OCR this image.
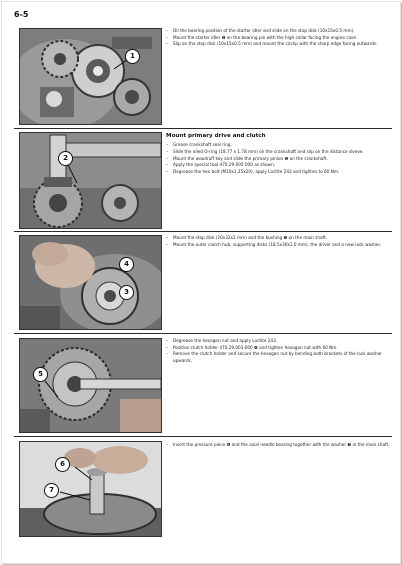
6-5
1
– Oil the bearing position of the starter idler and slide on the stop disk (10x15x0.5 mm).
– Mount the starter idler ❶ on the bearing pin with the high collar facing the engine case.
– Slip on the stop disk (10x15x0.5 mm) and mount the circlip with the sharp edge facing outwards.
2
Mount primary drive and clutch
– Grease crankshaft seal ring.
– Slide the oiled O-ring (18.77 x 1.78 mm) on the crankshaft and slip on the distance sleeve.
– Mount the woodruff key and slide the primary pinion ❷ on the crankshaft.
– Apply the special tool 470.29.005.000 as shown.
– Degrease the hex bolt (M10x1.25x20), apply Loctite 243 and tighten to 60 Nm.
4
3
– Mount the stop disk (20x32x2 mm) and the bushing ❸ on the main shaft.
– Mount the outer clutch hub, supporting disks (18.5x30x1.0 mm), the driver and a new lock washer.
5
– Degrease the hexagon nut and apply Loctite 243.
– Position clutch holder 470.29.003.000 ❹ and tighten hexagon nut with 60 Nm.
– Remove the clutch holder and secure the hexagon nut by bending both brackets of the lock washer upwards.
6
7
– Insert the pressure piece ❻ and the axial needle bearing together with the washer ❼ in the main shaft.
